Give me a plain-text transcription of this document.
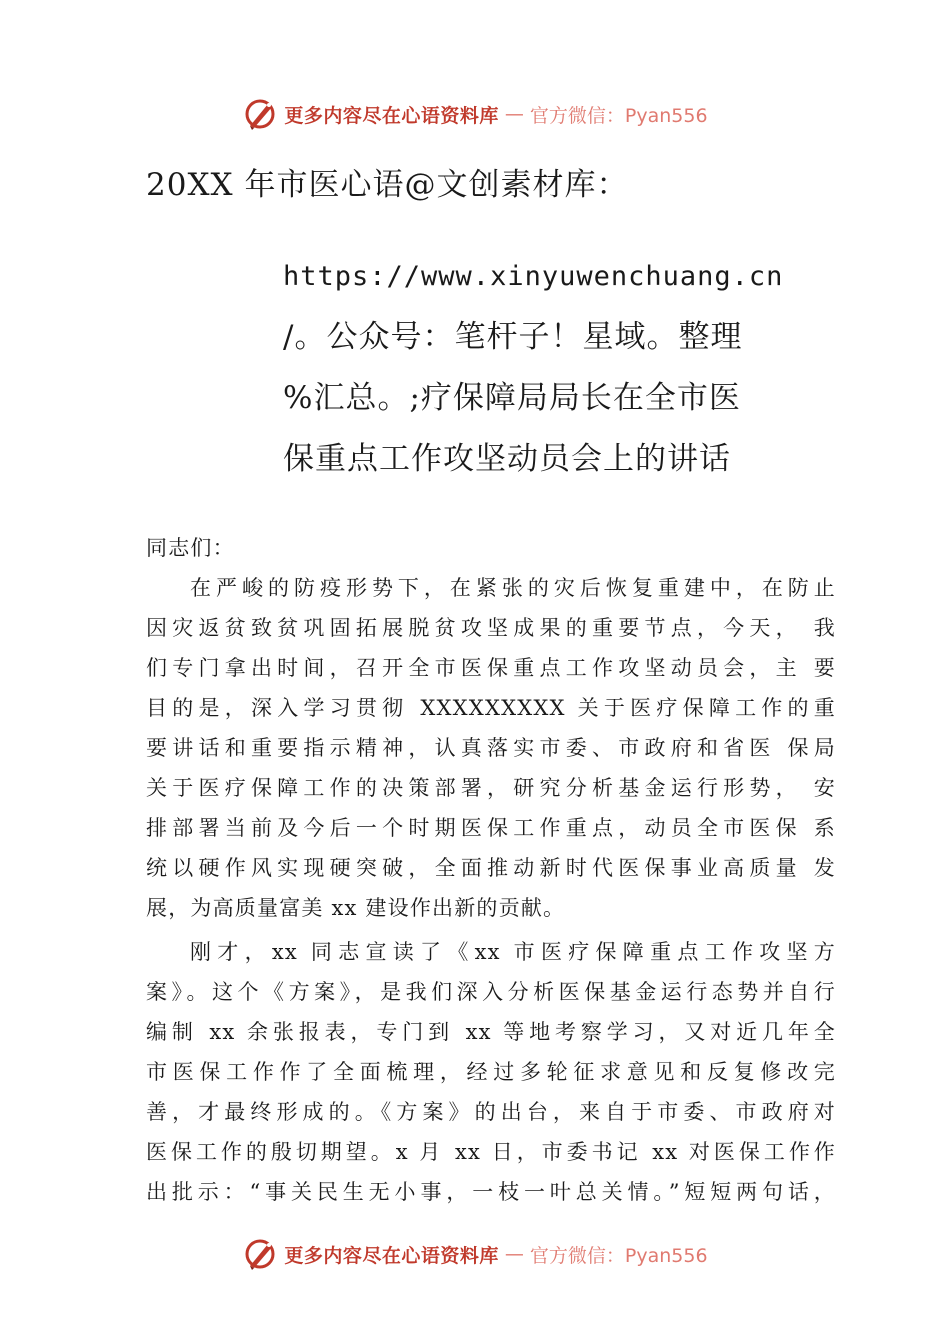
更多内容尽在心语资料库 — 官方微信：Pyan556
20XX 年市医心语@文创素材库：
https://www.xinyuwenchuang.cn
/。公众号：笔杆子！星域。整理
%汇总。;疗保障局局长在全市医
保重点工作攻坚动员会上的讲话
同志们：
在严峻的防疫形势下，在紧张的灾后恢复重建中，在防止
因灾返贫致贫巩固拓展脱贫攻坚成果的重要节点，今天， 我
们专门拿出时间，召开全市医保重点工作攻坚动员会，主 要
目的是，深入学习贯彻 XXXXXXXXX 关于医疗保障工作的重
要讲话和重要指示精神，认真落实市委、市政府和省医 保局
关于医疗保障工作的决策部署，研究分析基金运行形势， 安
排部署当前及今后一个时期医保工作重点，动员全市医保 系
统以硬作风实现硬突破，全面推动新时代医保事业高质量 发
展，为高质量富美 xx 建设作出新的贡献。
刚才，xx 同志宣读了《xx 市医疗保障重点工作攻坚方
案》。这个《方案》，是我们深入分析医保基金运行态势并自行
编制 xx 余张报表，专门到 xx 等地考察学习，又对近几年全
市医保工作作了全面梳理，经过多轮征求意见和反复修改完
善，才最终形成的。《方案》的出台，来自于市委、市政府对
医保工作的殷切期望。x 月 xx 日，市委书记 xx 对医保工作作
出批示：“事关民生无小事，一枝一叶总关情。”短短两句话，
更多内容尽在心语资料库 — 官方微信：Pyan556
